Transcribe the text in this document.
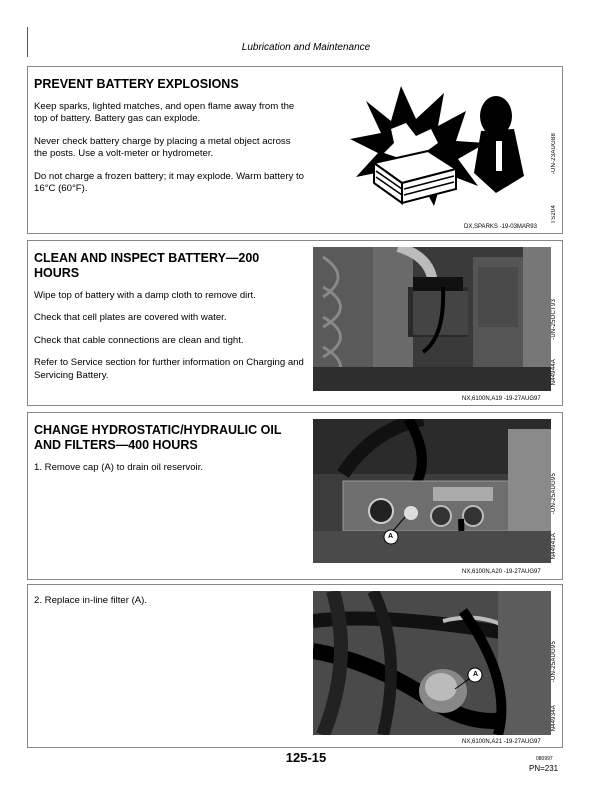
Lubrication and Maintenance
PREVENT BATTERY EXPLOSIONS
Keep sparks, lighted matches, and open flame away from the top of battery. Battery gas can explode.
Never check battery charge by placing a metal object across the posts. Use a volt-meter or hydrometer.
Do not charge a frozen battery; it may explode. Warm battery to 16°C (60°F).
-UN-23AUG88
TS204
DX,SPARKS -19-03MAR93
CLEAN AND INSPECT BATTERY—200 HOURS
Wipe top of battery with a damp cloth to remove dirt.
Check that cell plates are covered with water.
Check that cable connections are clean and tight.
Refer to Service section for further information on Charging and Servicing Battery.
-UN-25OCT93
N44944A
NX,6100N,A19 -19-27AUG97
CHANGE HYDROSTATIC/HYDRAULIC OIL AND FILTERS—400 HOURS
1. Remove cap (A) to drain oil reservoir.
A
-UN-25AUG95
N44941A
NX,6100N,A20 -19-27AUG97
2. Replace in-line filter (A).
A	-UN-25AUG95
N44934A
NX,6100N,A21 -19-27AUG97
125-15	080997
PN=231
